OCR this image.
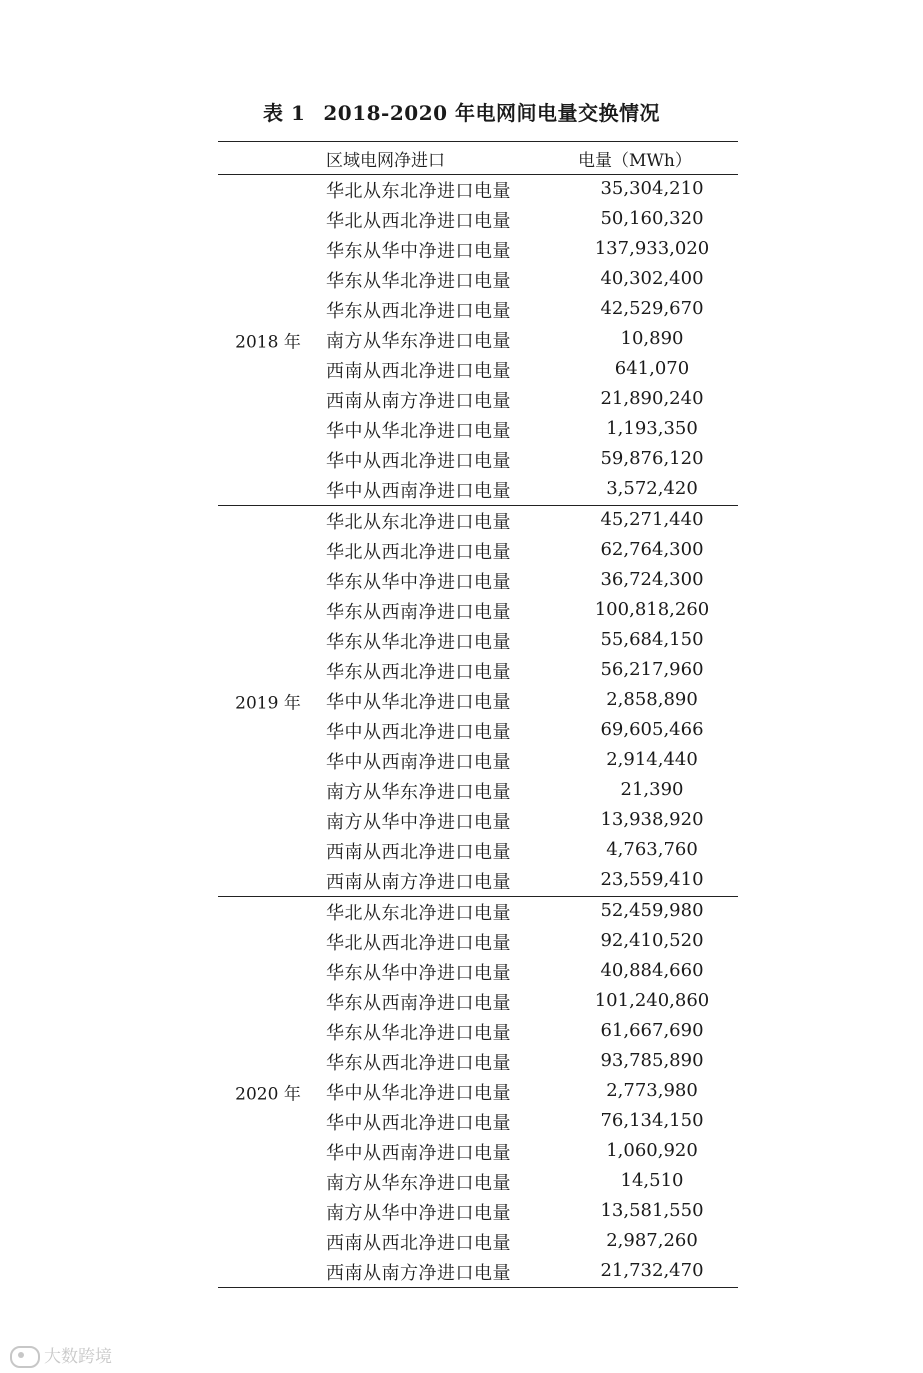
表 1 2018-2020 年电网间电量交换情况
区域电网净进口	电量（MWh）
2018 年
华北从东北净进口电量	35,304,210
华北从西北净进口电量	50,160,320
华东从华中净进口电量	137,933,020
华东从华北净进口电量	40,302,400
华东从西北净进口电量	42,529,670
南方从华东净进口电量	10,890
西南从西北净进口电量	641,070
西南从南方净进口电量	21,890,240
华中从华北净进口电量	1,193,350
华中从西北净进口电量	59,876,120
华中从西南净进口电量	3,572,420
2019 年
华北从东北净进口电量	45,271,440
华北从西北净进口电量	62,764,300
华东从华中净进口电量	36,724,300
华东从西南净进口电量	100,818,260
华东从华北净进口电量	55,684,150
华东从西北净进口电量	56,217,960
华中从华北净进口电量	2,858,890
华中从西北净进口电量	69,605,466
华中从西南净进口电量	2,914,440
南方从华东净进口电量	21,390
南方从华中净进口电量	13,938,920
西南从西北净进口电量	4,763,760
西南从南方净进口电量	23,559,410
2020 年
华北从东北净进口电量	52,459,980
华北从西北净进口电量	92,410,520
华东从华中净进口电量	40,884,660
华东从西南净进口电量	101,240,860
华东从华北净进口电量	61,667,690
华东从西北净进口电量	93,785,890
华中从华北净进口电量	2,773,980
华中从西北净进口电量	76,134,150
华中从西南净进口电量	1,060,920
南方从华东净进口电量	14,510
南方从华中净进口电量	13,581,550
西南从西北净进口电量	2,987,260
西南从南方净进口电量	21,732,470
大数跨境
